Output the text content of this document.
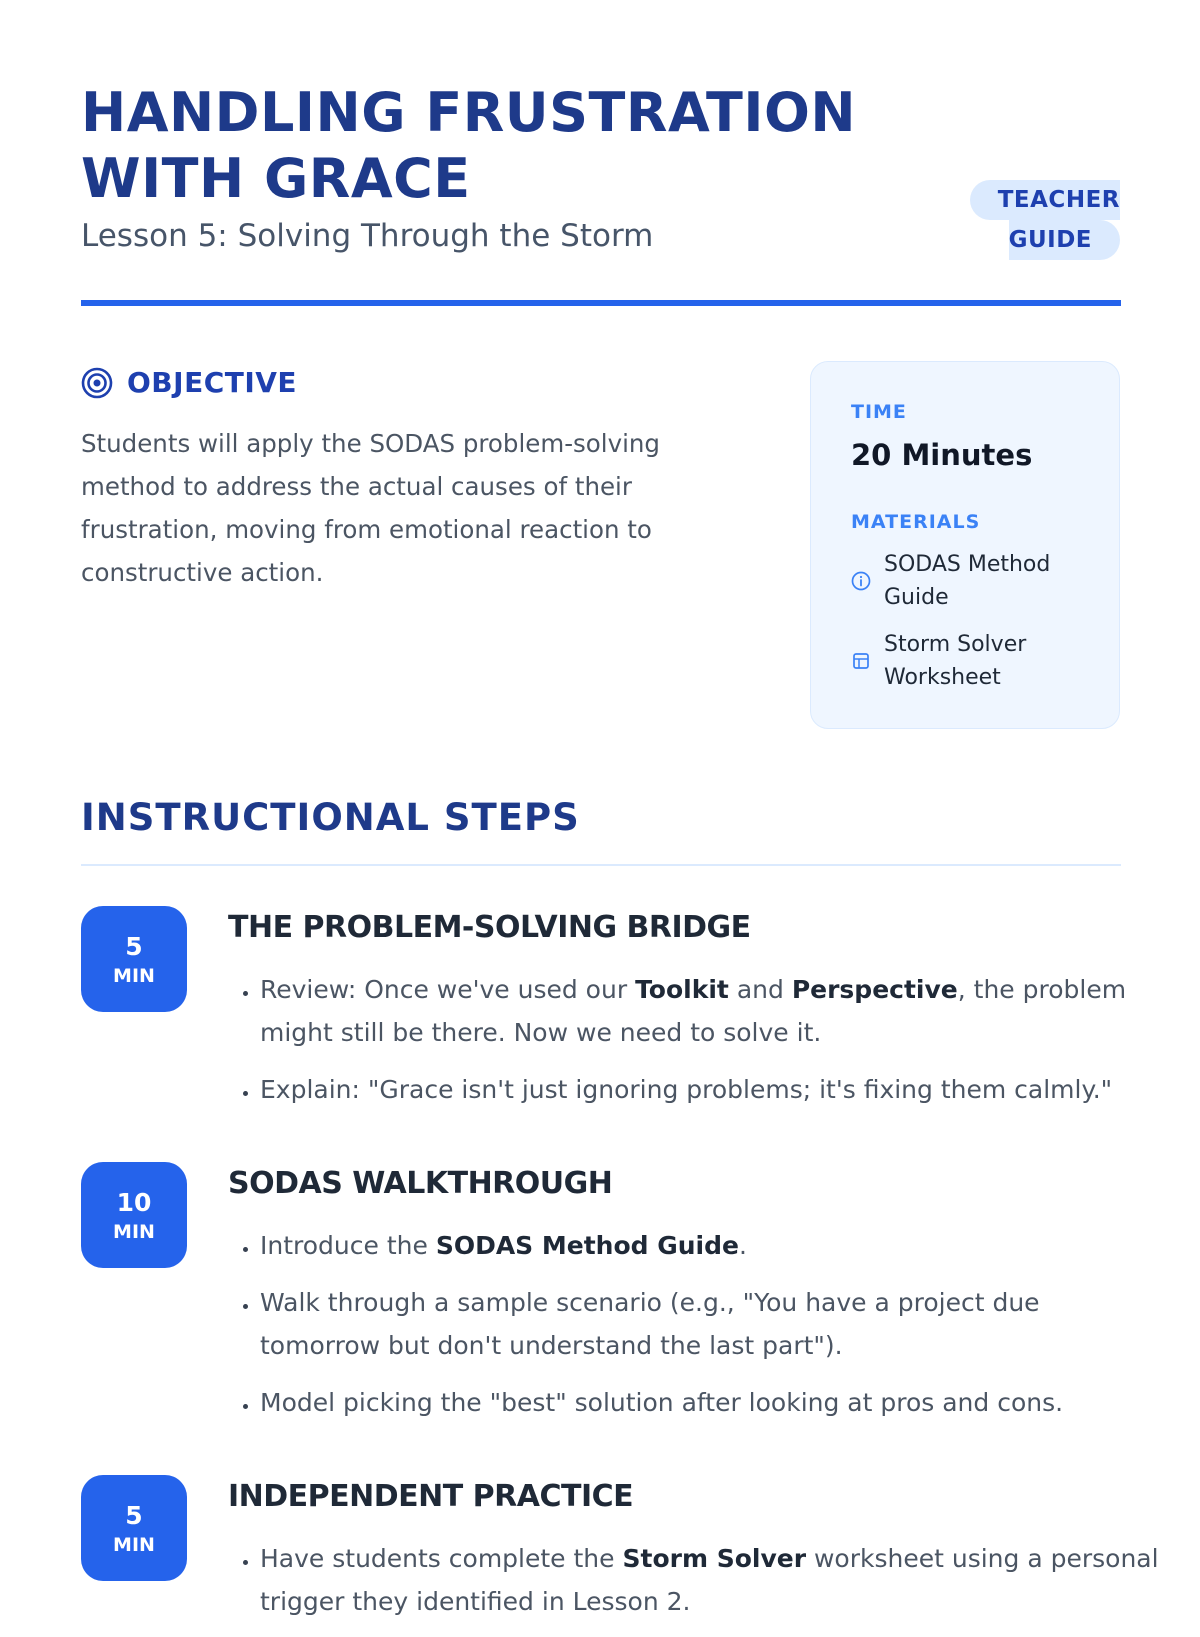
HANDLING FRUSTRATION
WITH GRACE
Lesson 5: Solving Through the Storm
TEACHER
GUIDE
OBJECTIVE
Students will apply the SODAS problem-solving method to address the actual causes of their frustration, moving from emotional reaction to constructive action.
TIME
20 Minutes
MATERIALS
SODAS Method Guide
Storm Solver Worksheet
INSTRUCTIONAL STEPS
5
MIN
THE PROBLEM-SOLVING BRIDGE
• Review: Once we've used our Toolkit and Perspective, the problem might still be there. Now we need to solve it.
• Explain: "Grace isn't just ignoring problems; it's fixing them calmly."
10
MIN
SODAS WALKTHROUGH
• Introduce the SODAS Method Guide.
• Walk through a sample scenario (e.g., "You have a project due tomorrow but don't understand the last part").
• Model picking the "best" solution after looking at pros and cons.
5
MIN
INDEPENDENT PRACTICE
• Have students complete the Storm Solver worksheet using a personal trigger they identified in Lesson 2.
